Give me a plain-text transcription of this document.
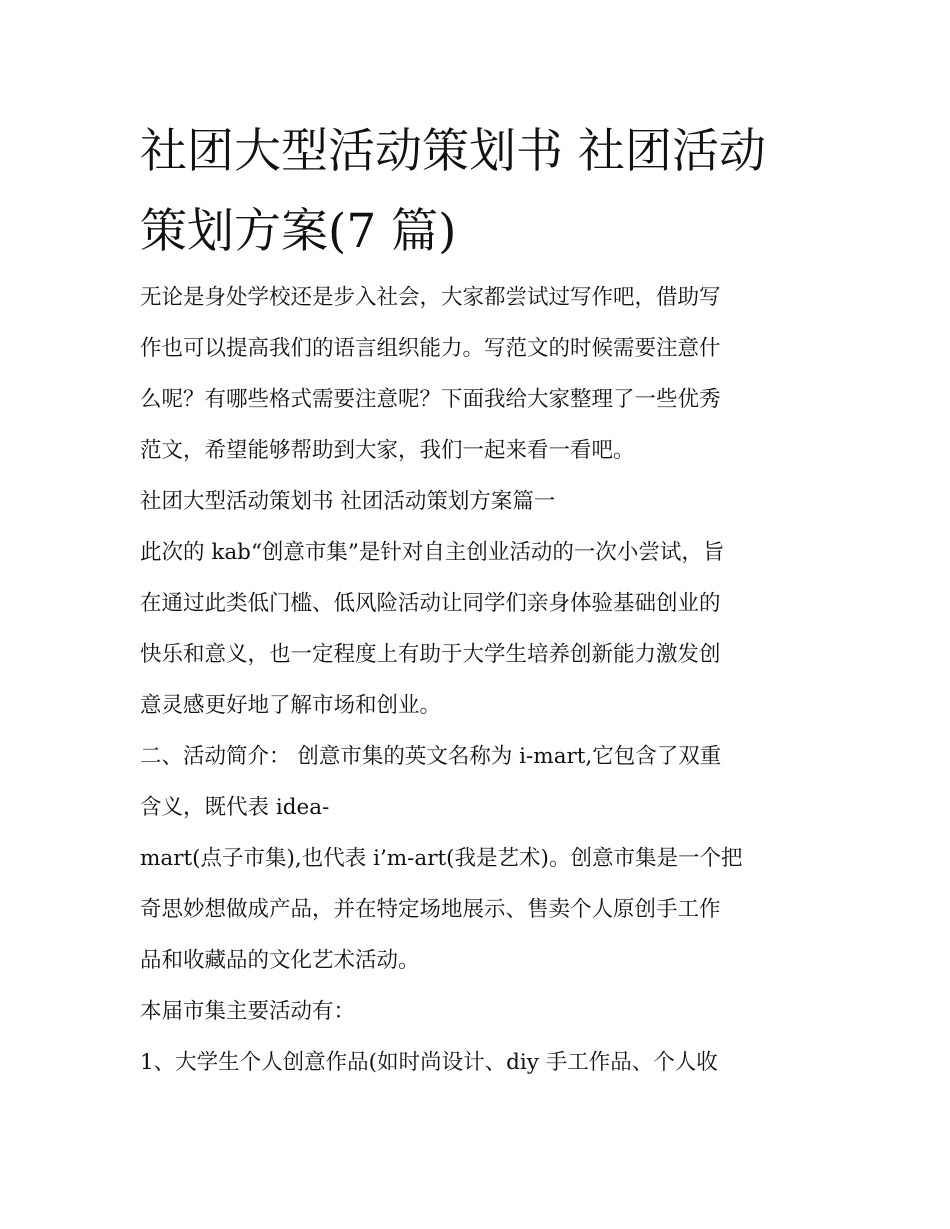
社团大型活动策划书 社团活动
策划方案(7 篇)

无论是身处学校还是步入社会，大家都尝试过写作吧，借助写
作也可以提高我们的语言组织能力。写范文的时候需要注意什
么呢？有哪些格式需要注意呢？下面我给大家整理了一些优秀
范文，希望能够帮助到大家，我们一起来看一看吧。

社团大型活动策划书 社团活动策划方案篇一

此次的 kab“创意市集”是针对自主创业活动的一次小尝试，旨
在通过此类低门槛、低风险活动让同学们亲身体验基础创业的
快乐和意义，也一定程度上有助于大学生培养创新能力激发创
意灵感更好地了解市场和创业。

二、活动简介： 创意市集的英文名称为 i-mart,它包含了双重
含义，既代表 idea-

mart(点子市集),也代表 i’m-art(我是艺术)。创意市集是一个把
奇思妙想做成产品，并在特定场地展示、售卖个人原创手工作
品和收藏品的文化艺术活动。

本届市集主要活动有：

1、大学生个人创意作品(如时尚设计、diy 手工作品、个人收
